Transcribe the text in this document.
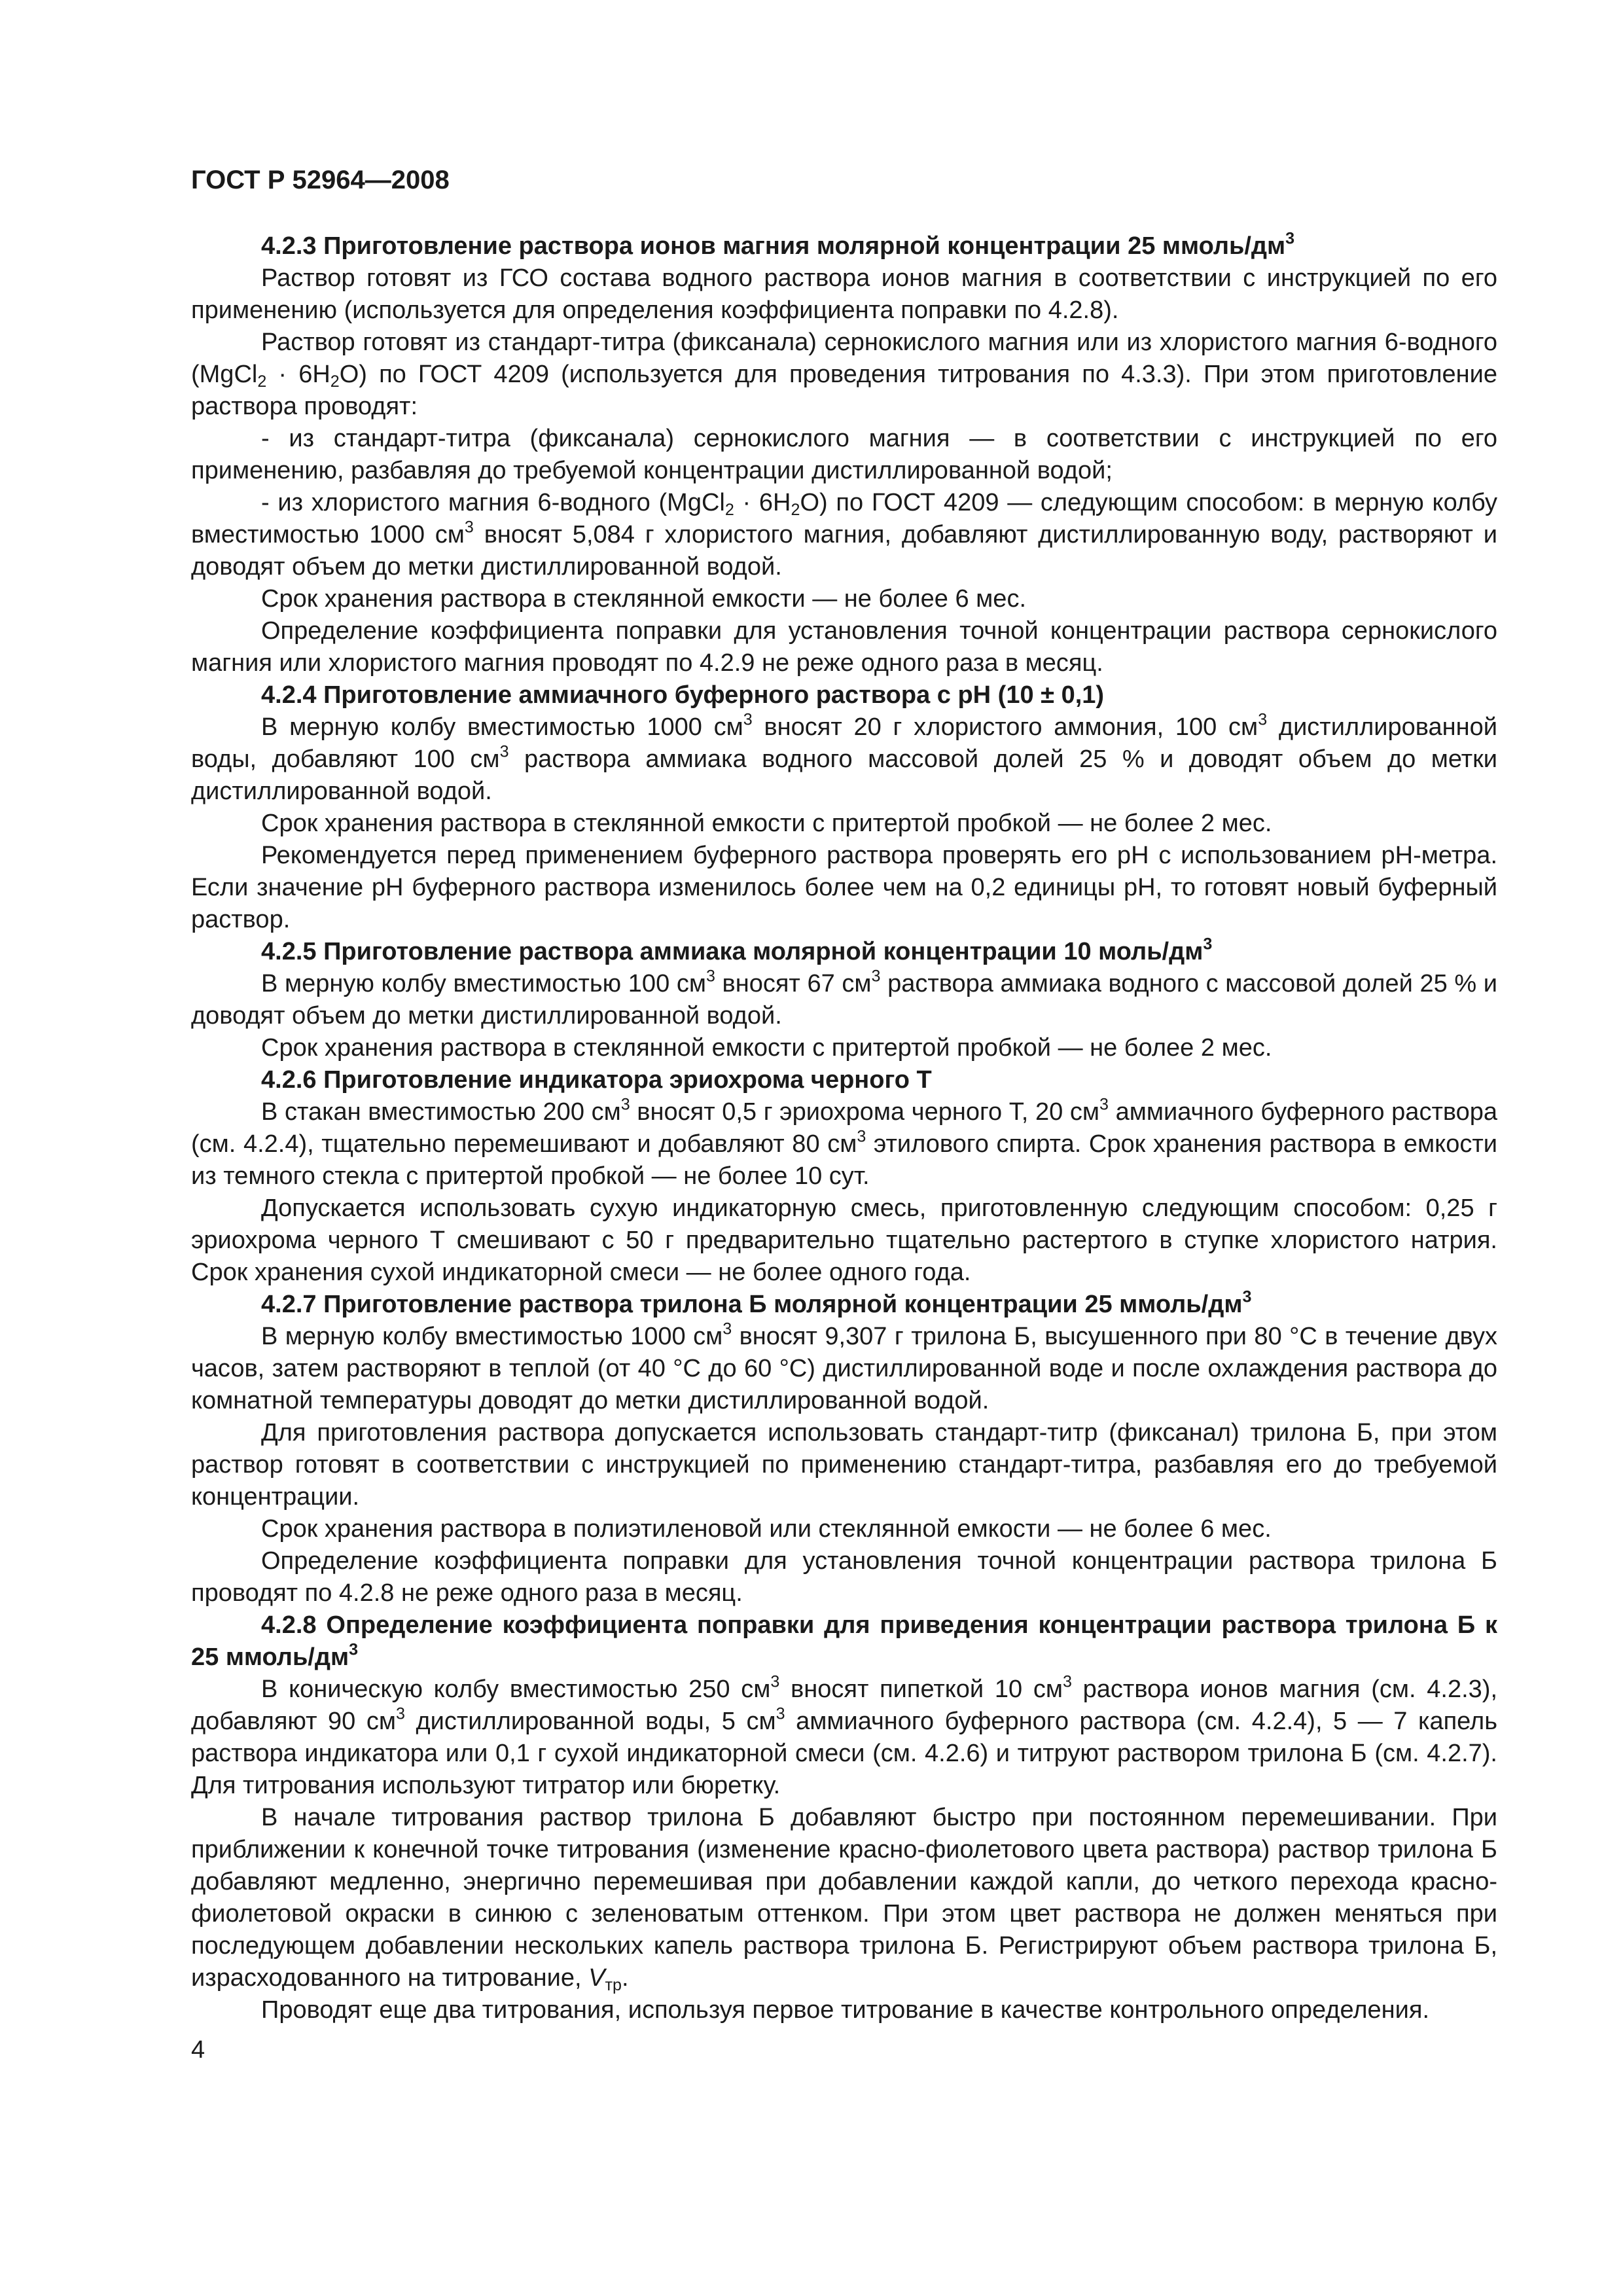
ГОСТ Р 52964—2008

4.2.3 Приготовление раствора ионов магния молярной концентрации 25 ммоль/$дм^3$

Раствор готовят из ГСО состава водного раствора ионов магния в соответствии с инструкцией по его применению (используется для определения коэффициента поправки по 4.2.8).

Раствор готовят из стандарт-титра (фиксанала) сернокислого магния или из хлористого магния 6-водного (MgCl$_2$ · $6H_2O$) по ГОСТ 4209 (используется для проведения титрования по 4.3.3). При этом приготовление раствора проводят:

- из стандарт-титра (фиксанала) сернокислого магния — в соответствии с инструкцией по его применению, разбавляя до требуемой концентрации дистиллированной водой;

- из хлористого магния 6-водного (MgCl$_2$ · $6H_2O$) по ГОСТ 4209 — следующим способом: в мерную колбу вместимостью 1000 $см^3$ вносят 5,084 г хлористого магния, добавляют дистиллированную воду, растворяют и доводят объем до метки дистиллированной водой.

Срок хранения раствора в стеклянной емкости — не более 6 мес.

Определение коэффициента поправки для установления точной концентрации раствора сернокислого магния или хлористого магния проводят по 4.2.9 не реже одного раза в месяц.

4.2.4 Приготовление аммиачного буферного раствора с pH (10 ± 0,1)

В мерную колбу вместимостью 1000 $см^3$ вносят 20 г хлористого аммония, 100 $см^3$ дистиллированной воды, добавляют 100 $см^3$ раствора аммиака водного массовой долей 25 % и доводят объем до метки дистиллированной водой.

Срок хранения раствора в стеклянной емкости с притертой пробкой — не более 2 мес.

Рекомендуется перед применением буферного раствора проверять его pH с использованием pH-метра. Если значение pH буферного раствора изменилось более чем на 0,2 единицы pH, то готовят новый буферный раствор.

4.2.5 Приготовление раствора аммиака молярной концентрации 10 моль/$дм^3$

В мерную колбу вместимостью 100 $см^3$ вносят 67 $см^3$ раствора аммиака водного с массовой долей 25 % и доводят объем до метки дистиллированной водой.

Срок хранения раствора в стеклянной емкости с притертой пробкой — не более 2 мес.

4.2.6 Приготовление индикатора эриохрома черного Т

В стакан вместимостью 200 $см^3$ вносят 0,5 г эриохрома черного Т, 20 $см^3$ аммиачного буферного раствора (см. 4.2.4), тщательно перемешивают и добавляют 80 $см^3$ этилового спирта. Срок хранения раствора в емкости из темного стекла с притертой пробкой — не более 10 сут.

Допускается использовать сухую индикаторную смесь, приготовленную следующим способом: 0,25 г эриохрома черного Т смешивают с 50 г предварительно тщательно растертого в ступке хлористого натрия. Срок хранения сухой индикаторной смеси — не более одного года.

4.2.7 Приготовление раствора трилона Б молярной концентрации 25 ммоль/$дм^3$

В мерную колбу вместимостью 1000 $см^3$ вносят 9,307 г трилона Б, высушенного при 80 °С в течение двух часов, затем растворяют в теплой (от 40 °С до 60 °С) дистиллированной воде и после охлаждения раствора до комнатной температуры доводят до метки дистиллированной водой.

Для приготовления раствора допускается использовать стандарт-титр (фиксанал) трилона Б, при этом раствор готовят в соответствии с инструкцией по применению стандарт-титра, разбавляя его до требуемой концентрации.

Срок хранения раствора в полиэтиленовой или стеклянной емкости — не более 6 мес.

Определение коэффициента поправки для установления точной концентрации раствора трилона Б проводят по 4.2.8 не реже одного раза в месяц.

4.2.8 Определение коэффициента поправки для приведения концентрации раствора трилона Б к 25 ммоль/$дм^3$

В коническую колбу вместимостью 250 $см^3$ вносят пипеткой 10 $см^3$ раствора ионов магния (см. 4.2.3), добавляют 90 $см^3$ дистиллированной воды, 5 $см^3$ аммиачного буферного раствора (см. 4.2.4), 5 — 7 капель раствора индикатора или 0,1 г сухой индикаторной смеси (см. 4.2.6) и титруют раствором трилона Б (см. 4.2.7). Для титрования используют титратор или бюретку.

В начале титрования раствор трилона Б добавляют быстро при постоянном перемешивании. При приближении к конечной точке титрования (изменение красно-фиолетового цвета раствора) раствор трилона Б добавляют медленно, энергично перемешивая при добавлении каждой капли, до четкого перехода красно-фиолетовой окраски в синюю с зеленоватым оттенком. При этом цвет раствора не должен меняться при последующем добавлении нескольких капель раствора трилона Б. Регистрируют объем раствора трилона Б, израсходованного на титрование, $V_{тр}$.

Проводят еще два титрования, используя первое титрование в качестве контрольного определения.

4
